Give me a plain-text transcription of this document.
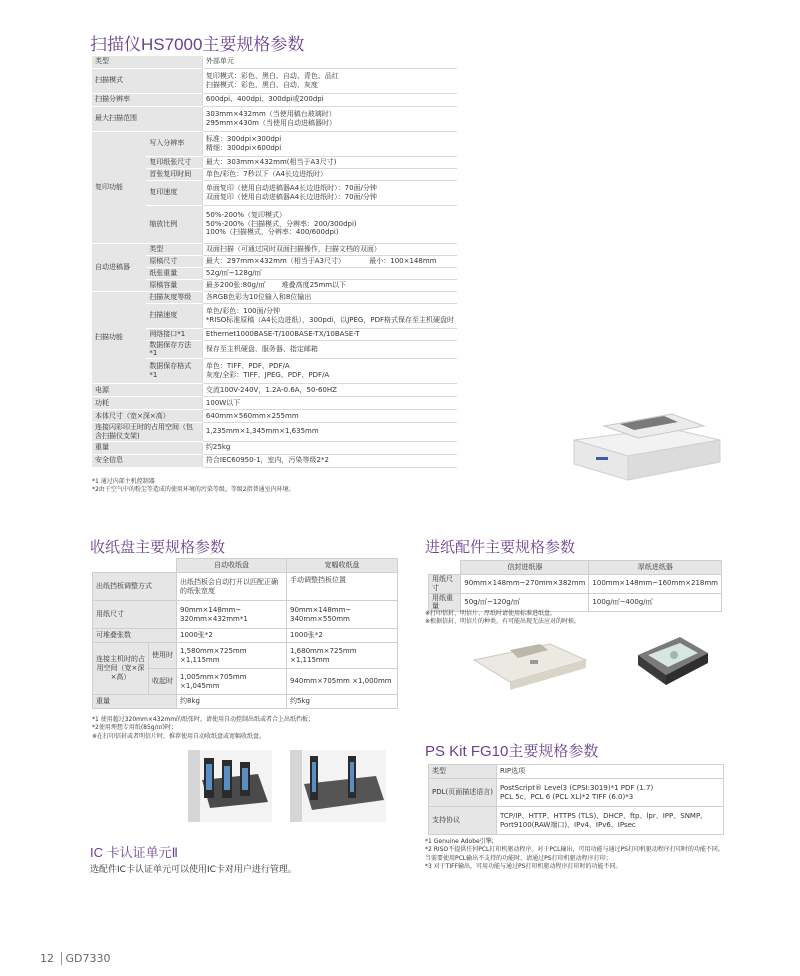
扫描仪HS7000主要规格参数
类型		外部单元
扫描模式		复印模式：彩色、黑白、自动、青色、品红
扫描模式：彩色、黑白、自动、灰度

扫描分辨率		600dpi、400dpi、300dpi或200dpi
最大扫描范围		303mm×432mm（当使用稿台玻璃时）
295mm×430m（当使用自动进稿器时）

复印功能	写入分辨率	标准：300dpi×300dpi
精细：300dpi×600dpi

	复印纸张尺寸	最大：303mm×432mm(相当于A3尺寸)
	首张复印时间	单色/彩色：7秒以下（A4长边进纸时）
	复印速度	单面复印（使用自动进稿器A4长边进纸时）：70面/分钟
双面复印（使用自动进稿器A4长边进纸时）：70面/分钟

	缩放比例	50%-200%（复印模式）
50%-200%（扫描模式，分辨率：200/300dpi)
100%（扫描模式，分辨率：400/600dpi)

自动进稿器	类型	双面扫描（可通过同时双面扫描操作，扫描文档的双面）
	原稿尺寸	最大：297mm×432mm（相当于A3尺寸） 最小：100×148mm
	纸张重量	52g/㎡~128g/㎡
	原稿容量	最多200张:80g/㎡ 堆叠高度25mm以下
扫描功能	扫描灰度等级	各RGB色彩为10位输入和8位输出
	扫描速度	单色/彩色：100面/分钟
*RISO标准原稿（A4长边进纸），300pdi，以JPEG，PDF格式保存至主机硬盘时

	网络接口*1	Ethernet1000BASE-T/100BASE-TX/10BASE-T
	数据保存方法*1	保存至主机硬盘、服务器、指定邮箱
	数据保存格式*1	单色：TIFF、PDF、PDF/A
灰度/全彩：TIFF、JPEG、PDF、PDF/A

电源		交流100V-240V，1.2A-0.6A，50-60HZ
功耗		100W以下
本体尺寸（宽×深×高）		640mm×560mm×255mm
连接闪彩印王时的占用空间（包含扫描仪支架)		1,235mm×1,345mm×1,635mm
重量		约25kg
安全信息		符合IEC60950-1，室内，污染等级2*2

*1 通过内部主机控制器

*2由于空气中的粉尘等造成的使用环境的污染等级。等级2指普通室内环境。

收纸盘主要规格参数
		自动收纸盘	宽幅收纸盘
出纸挡板调整方式		出纸挡板会自动打开以匹配正确的纸张宽度	手动调整挡板位置
用纸尺寸		90mm×148mm~ 320mm×432mm*1	90mm×148mm~ 340mm×550mm
可堆叠张数		1000张*2	1000张*2
连接主机时的占用空间（宽×深×高）	使用时	1,580mm×725mm ×1,115mm	1,680mm×725mm ×1,115mm
	收起时	1,005mm×705mm ×1,045mm	940mm×705mm ×1,000mm
重量		约8kg	约5kg

*1 使用超过320mm×432mm的纸张时，请使用自动控制出纸或者合上出纸挡板；

*2使用理想专用纸(85g/㎡)时；

※在打印信封或者明信片时，推荐使用自动收纸盘或宽幅收纸盘。

IC 卡认证单元Ⅱ
选配件IC卡认证单元可以使用IC卡对用户进行管理。
进纸配件主要规格参数
	信封进纸器	厚纸进纸器
用纸尺寸	90mm×148mm~270mm×382mm	100mm×148mm~160mm×218mm
用纸重量	50g/㎡~120g/㎡	100g/㎡~400g/㎡

※打印信封、明信片、厚纸时请使用标准进纸盘。

※根据信封、明信片的种类，有可能出现无法应对的时候。

PS Kit FG10主要规格参数
类型	RIP选项
PDL(页面描述语言)	PostScript® Level3 (CPSI:3019)*1 PDF (1.7)
PCL 5c、PCL 6 (PCL XL)*2 TIFF (6.0)*3

支持协议	TCP/IP、HTTP、HTTPS (TLS)、DHCP、ftp、lpr、IPP、SNMP、
Port9100(RAW端口)、IPv4、IPv6、IPsec

*1 Genuine Adobe引擎;

*2 RISO不提供任何PCL打印机驱动程序。对于PCL输出，可用功能与通过PS打印机驱动程序打印时的功能不同。当需要使用PCL输出不支持的功能时，请通过PS打印机驱动程序打印；

*3 对于TIFF输出，可用功能与通过PS打印机驱动程序打印时的功能不同。

12 GD7330
